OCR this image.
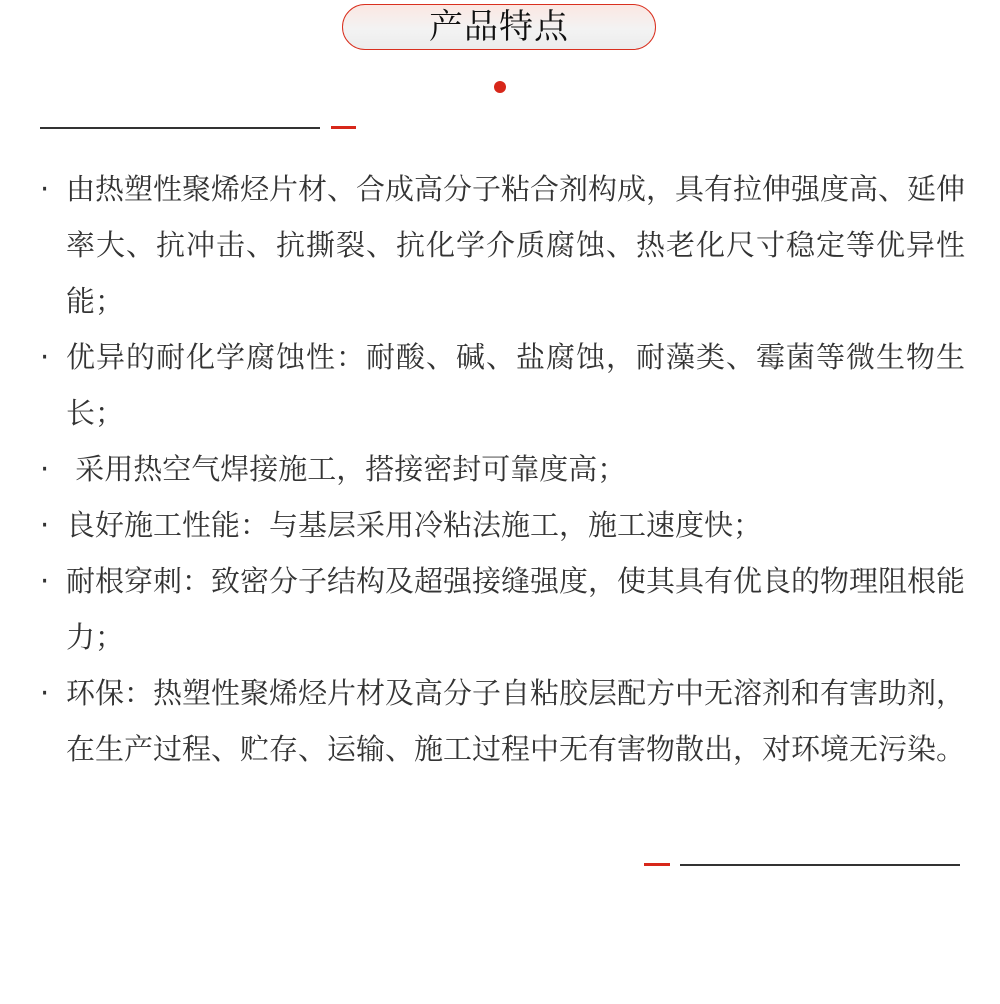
产品特点
· 由热塑性聚烯烃片材、合成高分子粘合剂构成，具有拉伸强度高、延伸率大、抗冲击、抗撕裂、抗化学介质腐蚀、热老化尺寸稳定等优异性能；
· 优异的耐化学腐蚀性：耐酸、碱、盐腐蚀，耐藻类、霉菌等微生物生长；
· 采用热空气焊接施工，搭接密封可靠度高；
· 良好施工性能：与基层采用冷粘法施工，施工速度快；
· 耐根穿刺：致密分子结构及超强接缝强度，使其具有优良的物理阻根能力；
· 环保：热塑性聚烯烃片材及高分子自粘胶层配方中无溶剂和有害助剂，在生产过程、贮存、运输、施工过程中无有害物散出，对环境无污染。
